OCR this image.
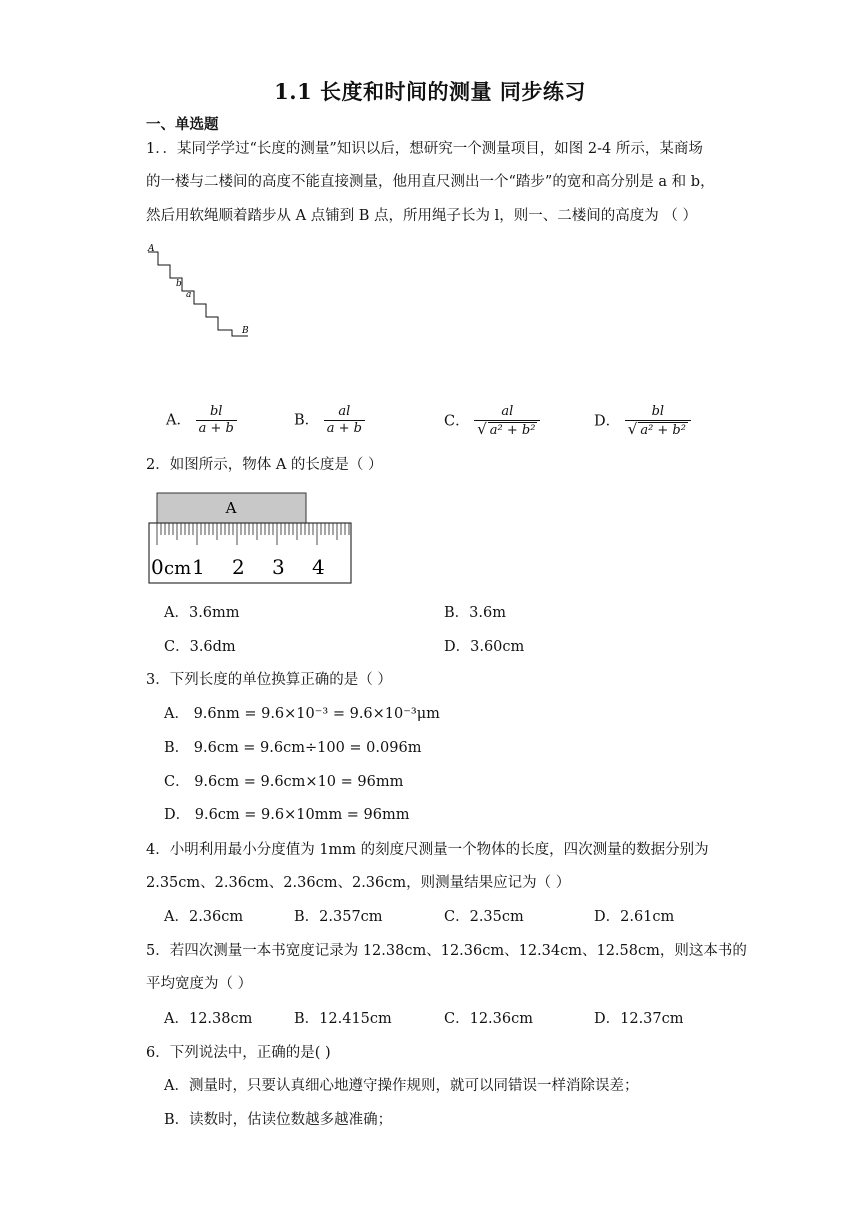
1.1 长度和时间的测量 同步练习
一、单选题
1．．某同学学过“长度的测量”知识以后，想研究一个测量项目，如图 2-4 所示，某商场
的一楼与二楼间的高度不能直接测量，他用直尺测出一个“踏步”的宽和高分别是 a 和 b，
然后用软绳顺着踏步从 A 点铺到 B 点，所用绳子长为 l，则一、二楼间的高度为 （ ）
A
b
a
B
A． $\frac{bl}{a + b}$	B． $\frac{al}{a + b}$	C． $\frac{al}{\text{√ a² + b²}}$	D． $\frac{bl}{\text{√ a² + b²}}$
2．如图所示，物体 A 的长度是（ ）
A
0 cm 1 2 3 4
A．3.6mm	B．3.6m
C．3.6dm	D．3.60cm
3．下列长度的单位换算正确的是（ ）
A． 9.6nm = 9.6×10⁻³ = 9.6×10⁻³μm
B． 9.6cm = 9.6cm÷100 = 0.096m
C． 9.6cm = 9.6cm×10 = 96mm
D． 9.6cm = 9.6×10mm = 96mm
4．小明利用最小分度值为 1mm 的刻度尺测量一个物体的长度，四次测量的数据分别为
2.35cm、2.36cm、2.36cm、2.36cm，则测量结果应记为（ ）
A．2.36cm	B．2.357cm	C．2.35cm	D．2.61cm
5．若四次测量一本书宽度记录为 12.38cm、12.36cm、12.34cm、12.58cm，则这本书的
平均宽度为（ ）
A．12.38cm	B．12.415cm	C．12.36cm	D．12.37cm
6．下列说法中，正确的是( )
A．测量时，只要认真细心地遵守操作规则，就可以同错误一样消除误差；
B．读数时，估读位数越多越准确；
